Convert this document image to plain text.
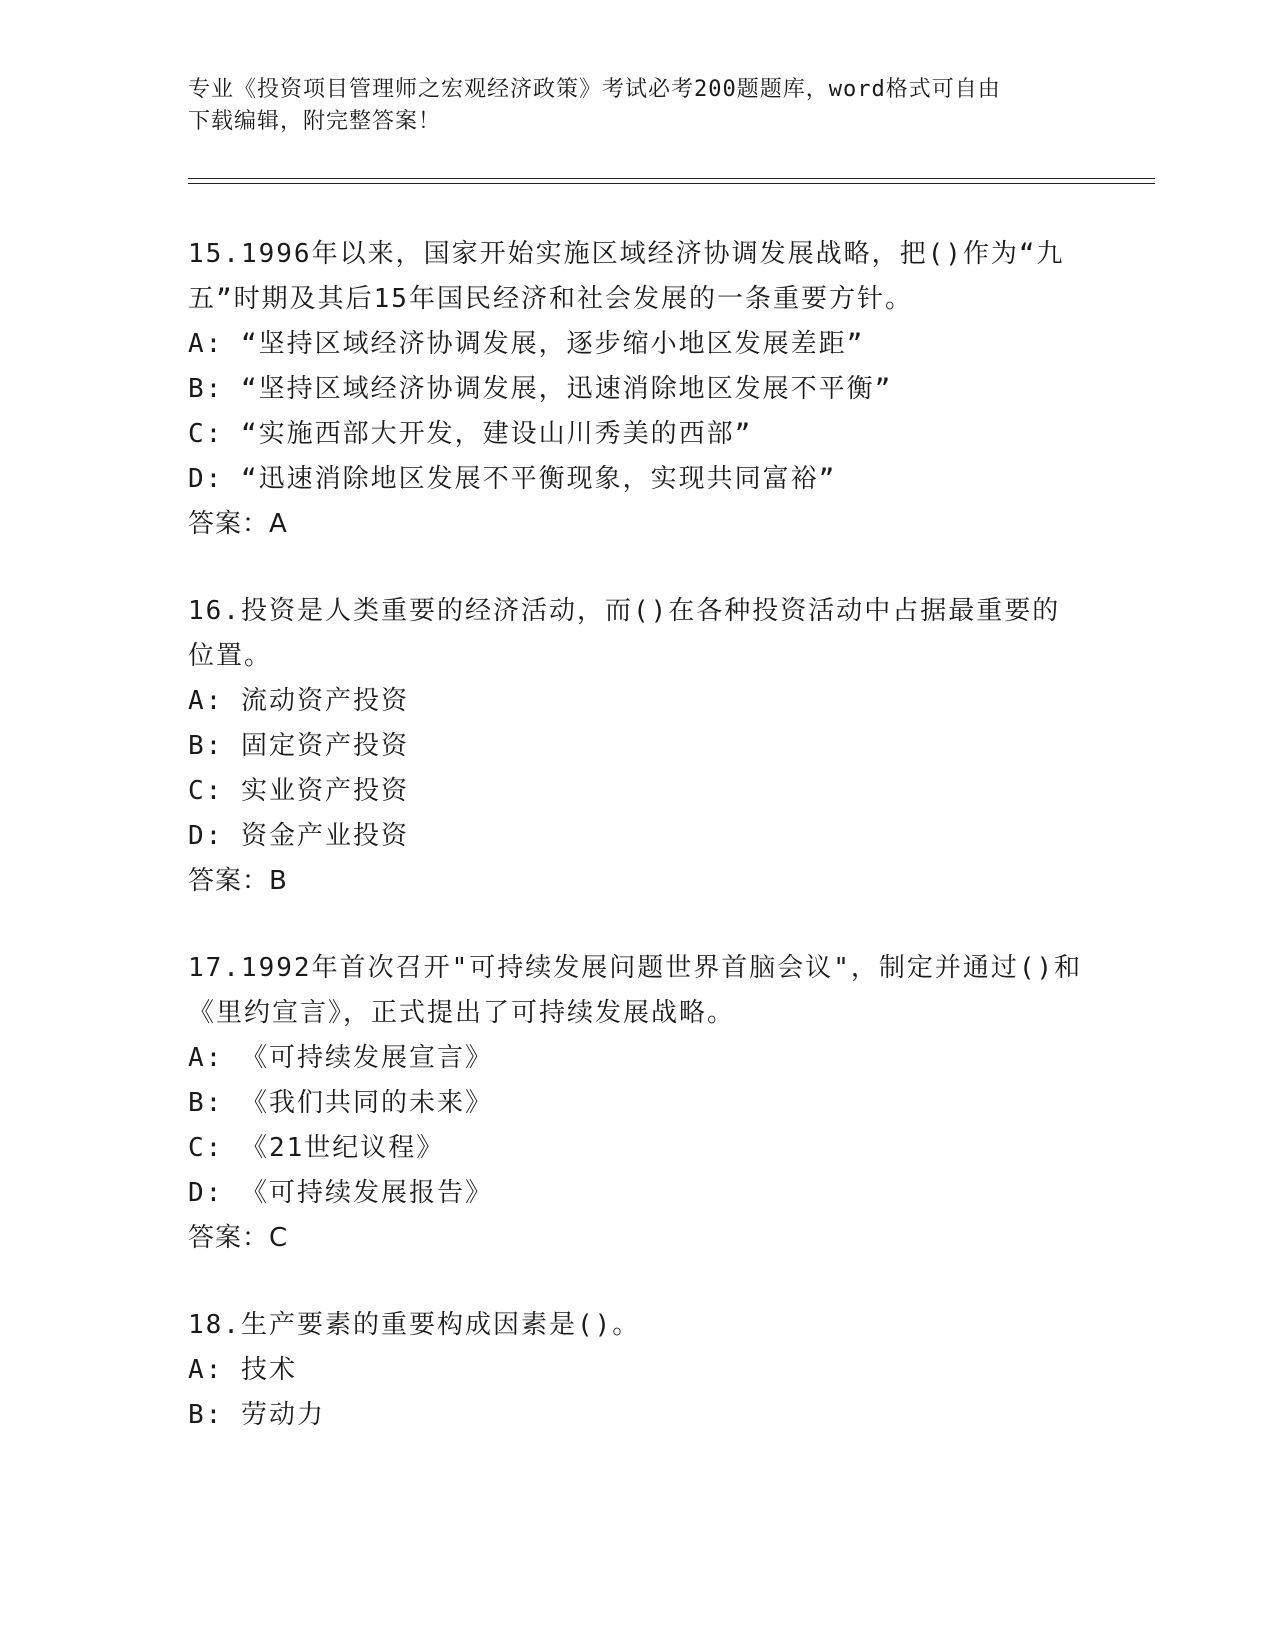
专业《投资项目管理师之宏观经济政策》考试必考200题题库，word格式可自由
下载编辑，附完整答案！
15.1996年以来，国家开始实施区域经济协调发展战略，把()作为“九
五”时期及其后15年国民经济和社会发展的一条重要方针。
A: “坚持区域经济协调发展，逐步缩小地区发展差距”
B: “坚持区域经济协调发展，迅速消除地区发展不平衡”
C: “实施西部大开发，建设山川秀美的西部”
D: “迅速消除地区发展不平衡现象，实现共同富裕”
答案：A
16.投资是人类重要的经济活动，而()在各种投资活动中占据最重要的
位置。
A: 流动资产投资
B: 固定资产投资
C: 实业资产投资
D: 资金产业投资
答案：B
17.1992年首次召开"可持续发展问题世界首脑会议"，制定并通过()和
《里约宣言》，正式提出了可持续发展战略。
A: 《可持续发展宣言》
B: 《我们共同的未来》
C: 《21世纪议程》
D: 《可持续发展报告》
答案：C
18.生产要素的重要构成因素是()。
A: 技术
B: 劳动力
